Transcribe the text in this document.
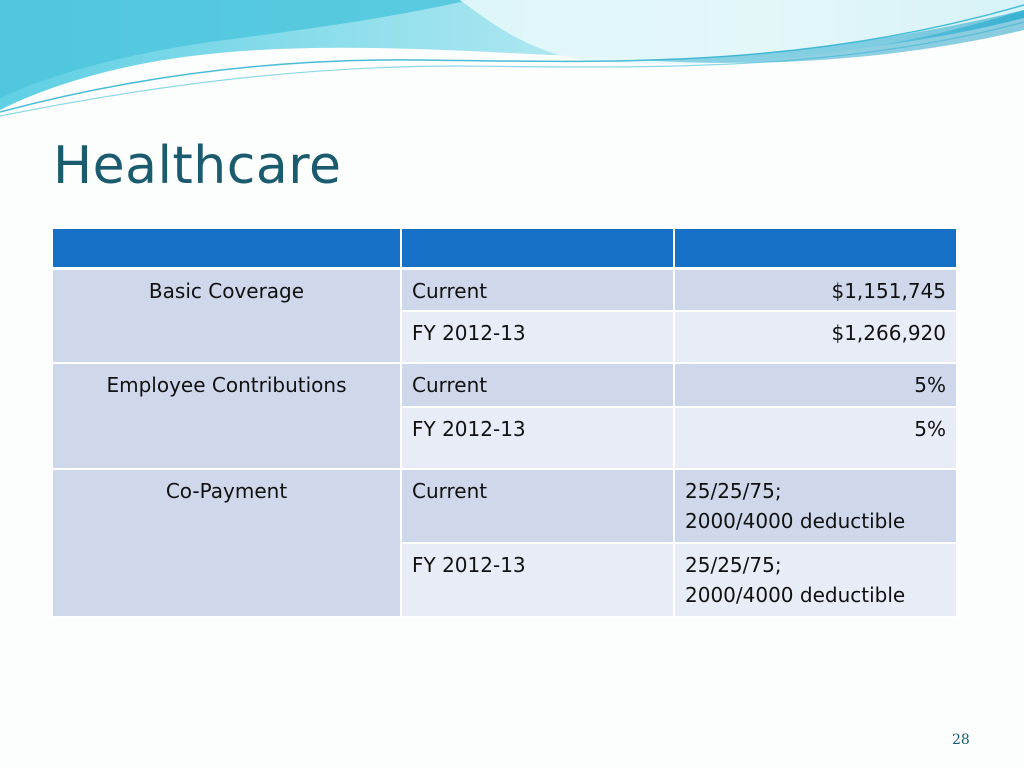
Healthcare

Basic Coverage	Current	$1,151,745
	FY 2012-13	$1,266,920
Employee Contributions	Current	5%
	FY 2012-13	5%
Co-Payment	Current	25/25/75;
2000/4000 deductible

	FY 2012-13	25/25/75;
2000/4000 deductible
28
